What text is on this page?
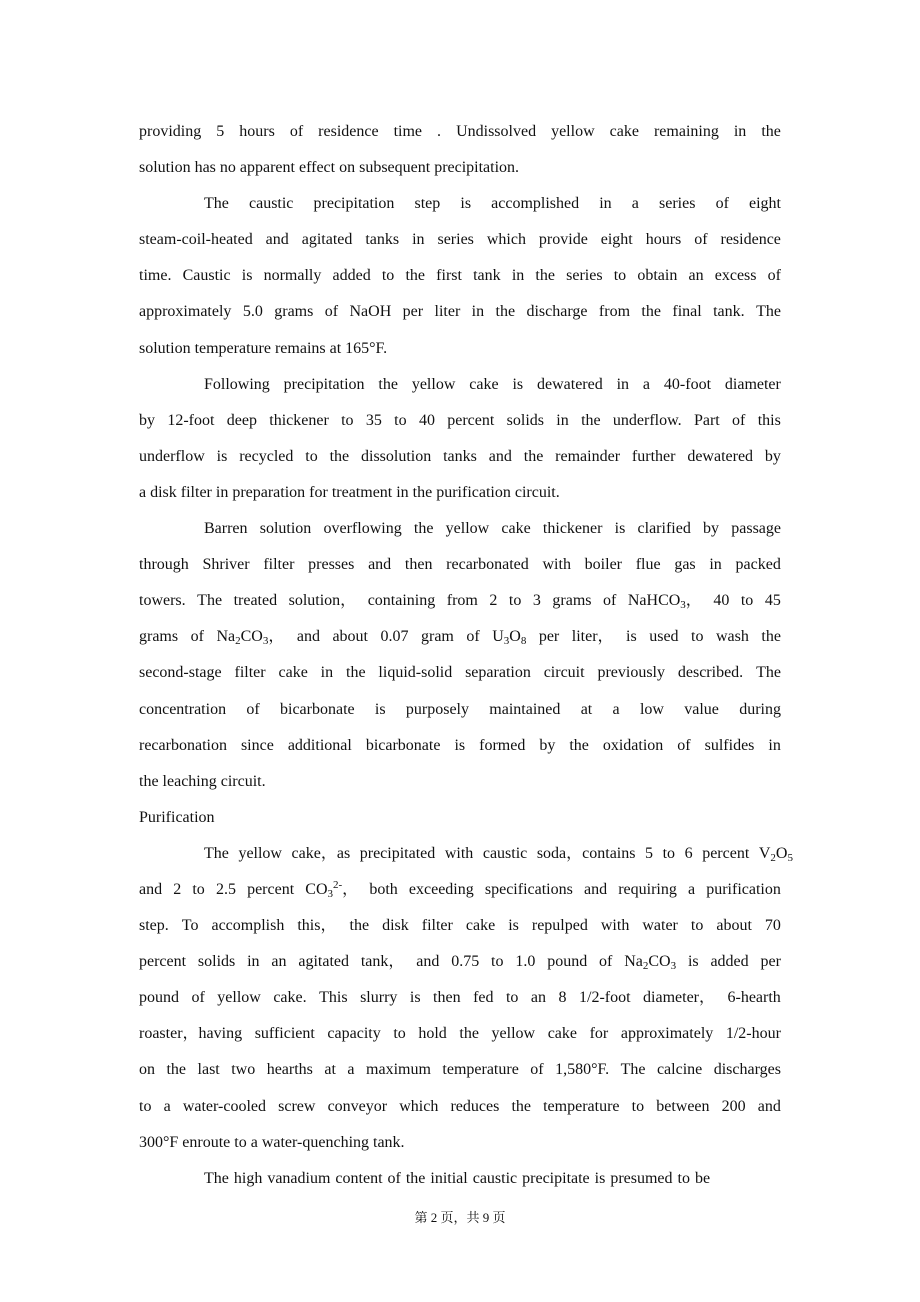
providing 5 hours of residence time . Undissolved yellow cake remaining in the
solution has no apparent effect on subsequent precipitation.
The caustic precipitation step is accomplished in a series of eight
steam-coil-heated and agitated tanks in series which provide eight hours of residence
time. Caustic is normally added to the first tank in the series to obtain an excess of
approximately 5.0 grams of NaOH per liter in the discharge from the final tank. The
solution temperature remains at 165°F.
Following precipitation the yellow cake is dewatered in a 40-foot diameter
by 12-foot deep thickener to 35 to 40 percent solids in the underflow. Part of this
underflow is recycled to the dissolution tanks and the remainder further dewatered by
a disk filter in preparation for treatment in the purification circuit.
Barren solution overflowing the yellow cake thickener is clarified by passage
through Shriver filter presses and then recarbonated with boiler flue gas in packed
towers. The treated solution， containing from 2 to 3 grams of NaHCO$_3$， 40 to 45
grams of $Na_2CO_3$， and about 0.07 gram of $U_3O_8$ per liter， is used to wash the
second-stage filter cake in the liquid-solid separation circuit previously described. The
concentration of bicarbonate is purposely maintained at a low value during
recarbonation since additional bicarbonate is formed by the oxidation of sulfides in
the leaching circuit.
Purification
The yellow cake，as precipitated with caustic soda，contains 5 to 6 percent $V_2O_5$
and 2 to 2.5 percent $CO_3^{2-}$， both exceeding specifications and requiring a purification
step. To accomplish this， the disk filter cake is repulped with water to about 70
percent solids in an agitated tank， and 0.75 to 1.0 pound of $Na_2CO_3$ is added per
pound of yellow cake. This slurry is then fed to an 8 1/2-foot diameter， 6-hearth
roaster，having sufficient capacity to hold the yellow cake for approximately 1/2-hour
on the last two hearths at a maximum temperature of 1,580°F. The calcine discharges
to a water-cooled screw conveyor which reduces the temperature to between 200 and
300°F enroute to a water-quenching tank.
The high vanadium content of the initial caustic precipitate is presumed to be
第 2 页，共 9 页
